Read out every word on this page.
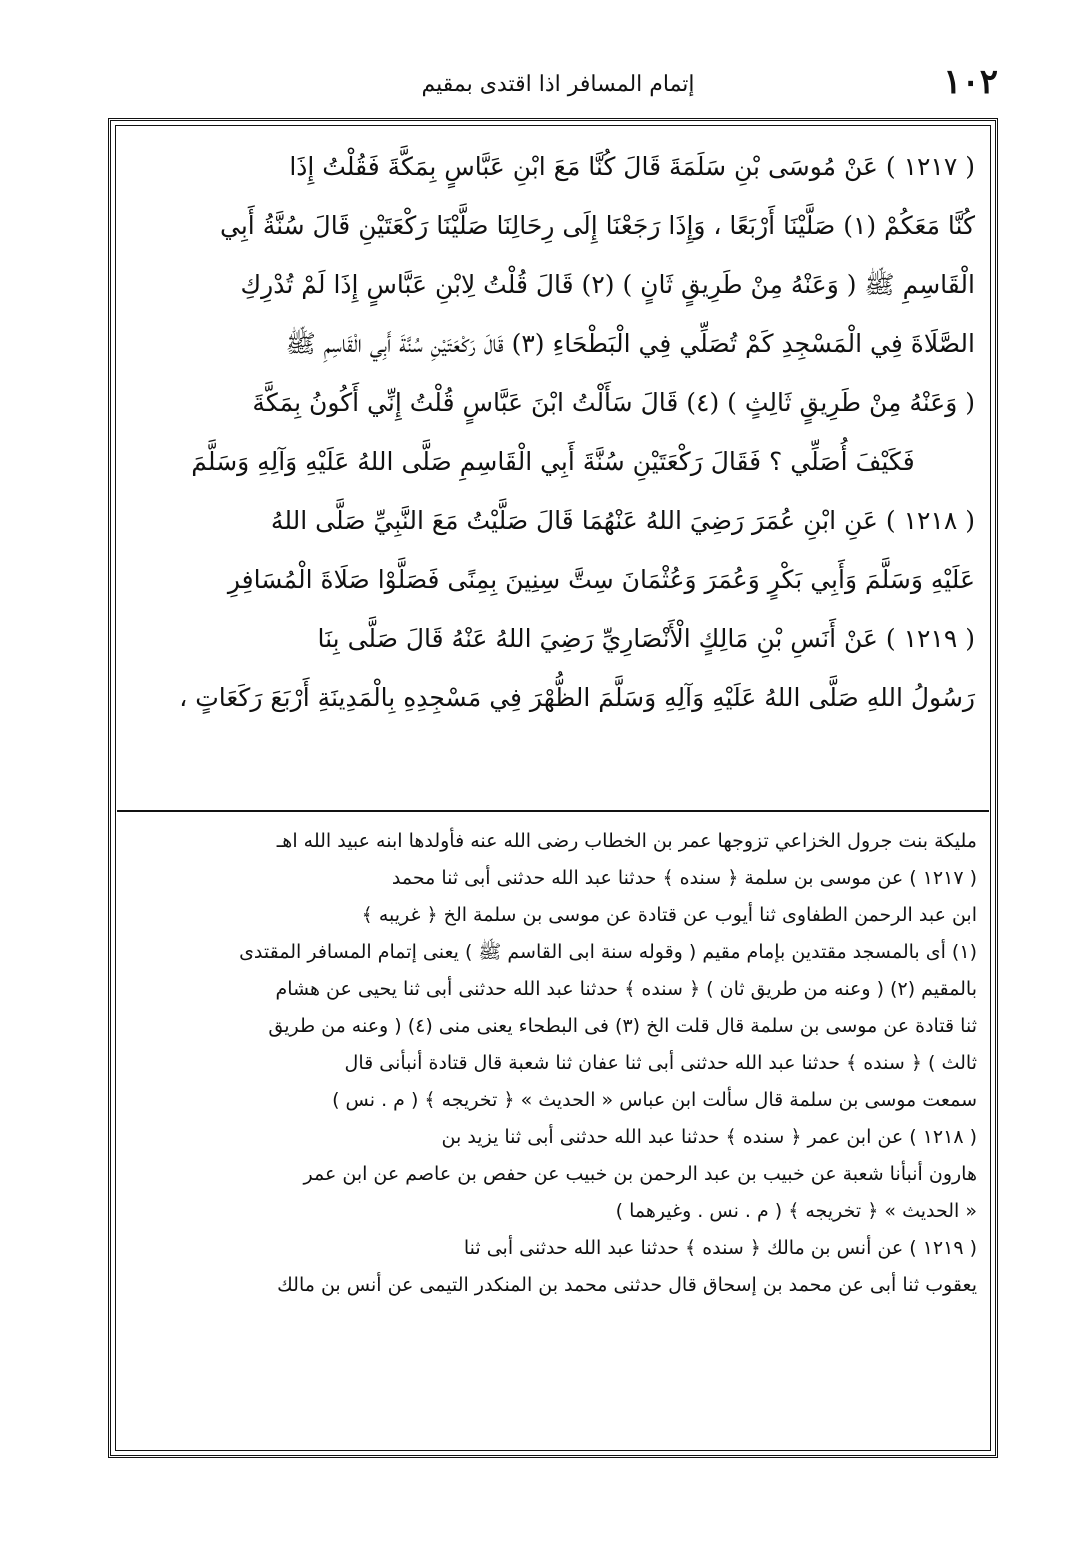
١٠٢
إتمام المسافر اذا اقتدى بمقيم

( ١٢١٧ ) عَنْ مُوسَى بْنِ سَلَمَةَ قَالَ كُنَّا مَعَ ابْنِ عَبَّاسٍ بِمَكَّةَ فَقُلْتُ إِذَا

كُنَّا مَعَكُمْ (١) صَلَّيْنَا أَرْبَعًا ، وَإِذَا رَجَعْنَا إِلَى رِحَالِنَا صَلَّيْنَا رَكْعَتَيْنِ قَالَ سُنَّةُ أَبِي

الْقَاسِمِ ﷺ ( وَعَنْهُ مِنْ طَرِيقٍ ثَانٍ ) (٢) قَالَ قُلْتُ لِابْنِ عَبَّاسٍ إِذَا لَمْ تُدْرِكِ

الصَّلَاةَ فِي الْمَسْجِدِ كَمْ تُصَلِّي فِي الْبَطْحَاءِ (٣) قَالَ رَكْعَتَيْنِ سُنَّةَ أَبِي الْقَاسِمِ ﷺ

( وَعَنْهُ مِنْ طَرِيقٍ ثَالِثٍ ) (٤) قَالَ سَأَلْتُ ابْنَ عَبَّاسٍ قُلْتُ إِنِّي أَكُونُ بِمَكَّةَ

فَكَيْفَ أُصَلِّي ؟ فَقَالَ رَكْعَتَيْنِ سُنَّةَ أَبِي الْقَاسِمِ صَلَّى اللهُ عَلَيْهِ وَآلِهِ وَسَلَّمَ

( ١٢١٨ ) عَنِ ابْنِ عُمَرَ رَضِيَ اللهُ عَنْهُمَا قَالَ صَلَّيْتُ مَعَ النَّبِيِّ صَلَّى اللهُ

عَلَيْهِ وَسَلَّمَ وَأَبِي بَكْرٍ وَعُمَرَ وَعُثْمَانَ سِتَّ سِنِينَ بِمِنًى فَصَلَّوْا صَلَاةَ الْمُسَافِرِ

( ١٢١٩ ) عَنْ أَنَسِ بْنِ مَالِكٍ الْأَنْصَارِيِّ رَضِيَ اللهُ عَنْهُ قَالَ صَلَّى بِنَا

رَسُولُ اللهِ صَلَّى اللهُ عَلَيْهِ وَآلِهِ وَسَلَّمَ الظُّهْرَ فِي مَسْجِدِهِ بِالْمَدِينَةِ أَرْبَعَ رَكَعَاتٍ ،

مليكة بنت جرول الخزاعي تزوجها عمر بن الخطاب رضى الله عنه فأولدها ابنه عبيد الله اهـ

( ١٢١٧ ) عن موسى بن سلمة ﴿ سنده ﴾ حدثنا عبد الله حدثنى أبى ثنا محمد

ابن عبد الرحمن الطفاوى ثنا أيوب عن قتادة عن موسى بن سلمة الخ ﴿ غريبه ﴾

(١) أى بالمسجد مقتدين بإمام مقيم ( وقوله سنة ابى القاسم ﷺ ) يعنى إتمام المسافر المقتدى

بالمقيم (٢) ( وعنه من طريق ثان ) ﴿ سنده ﴾ حدثنا عبد الله حدثنى أبى ثنا يحيى عن هشام

ثنا قتادة عن موسى بن سلمة قال قلت الخ (٣) فى البطحاء يعنى منى (٤) ( وعنه من طريق

ثالث ) ﴿ سنده ﴾ حدثنا عبد الله حدثنى أبى ثنا عفان ثنا شعبة قال قتادة أنبأنى قال

سمعت موسى بن سلمة قال سألت ابن عباس « الحديث » ﴿ تخريجه ﴾ ( م . نس )

( ١٢١٨ ) عن ابن عمر ﴿ سنده ﴾ حدثنا عبد الله حدثنى أبى ثنا يزيد بن

هارون أنبأنا شعبة عن خبيب بن عبد الرحمن بن خبيب عن حفص بن عاصم عن ابن عمر

« الحديث » ﴿ تخريجه ﴾ ( م . نس . وغيرهما )

( ١٢١٩ ) عن أنس بن مالك ﴿ سنده ﴾ حدثنا عبد الله حدثنى أبى ثنا

يعقوب ثنا أبى عن محمد بن إسحاق قال حدثنى محمد بن المنكدر التيمى عن أنس بن مالك
